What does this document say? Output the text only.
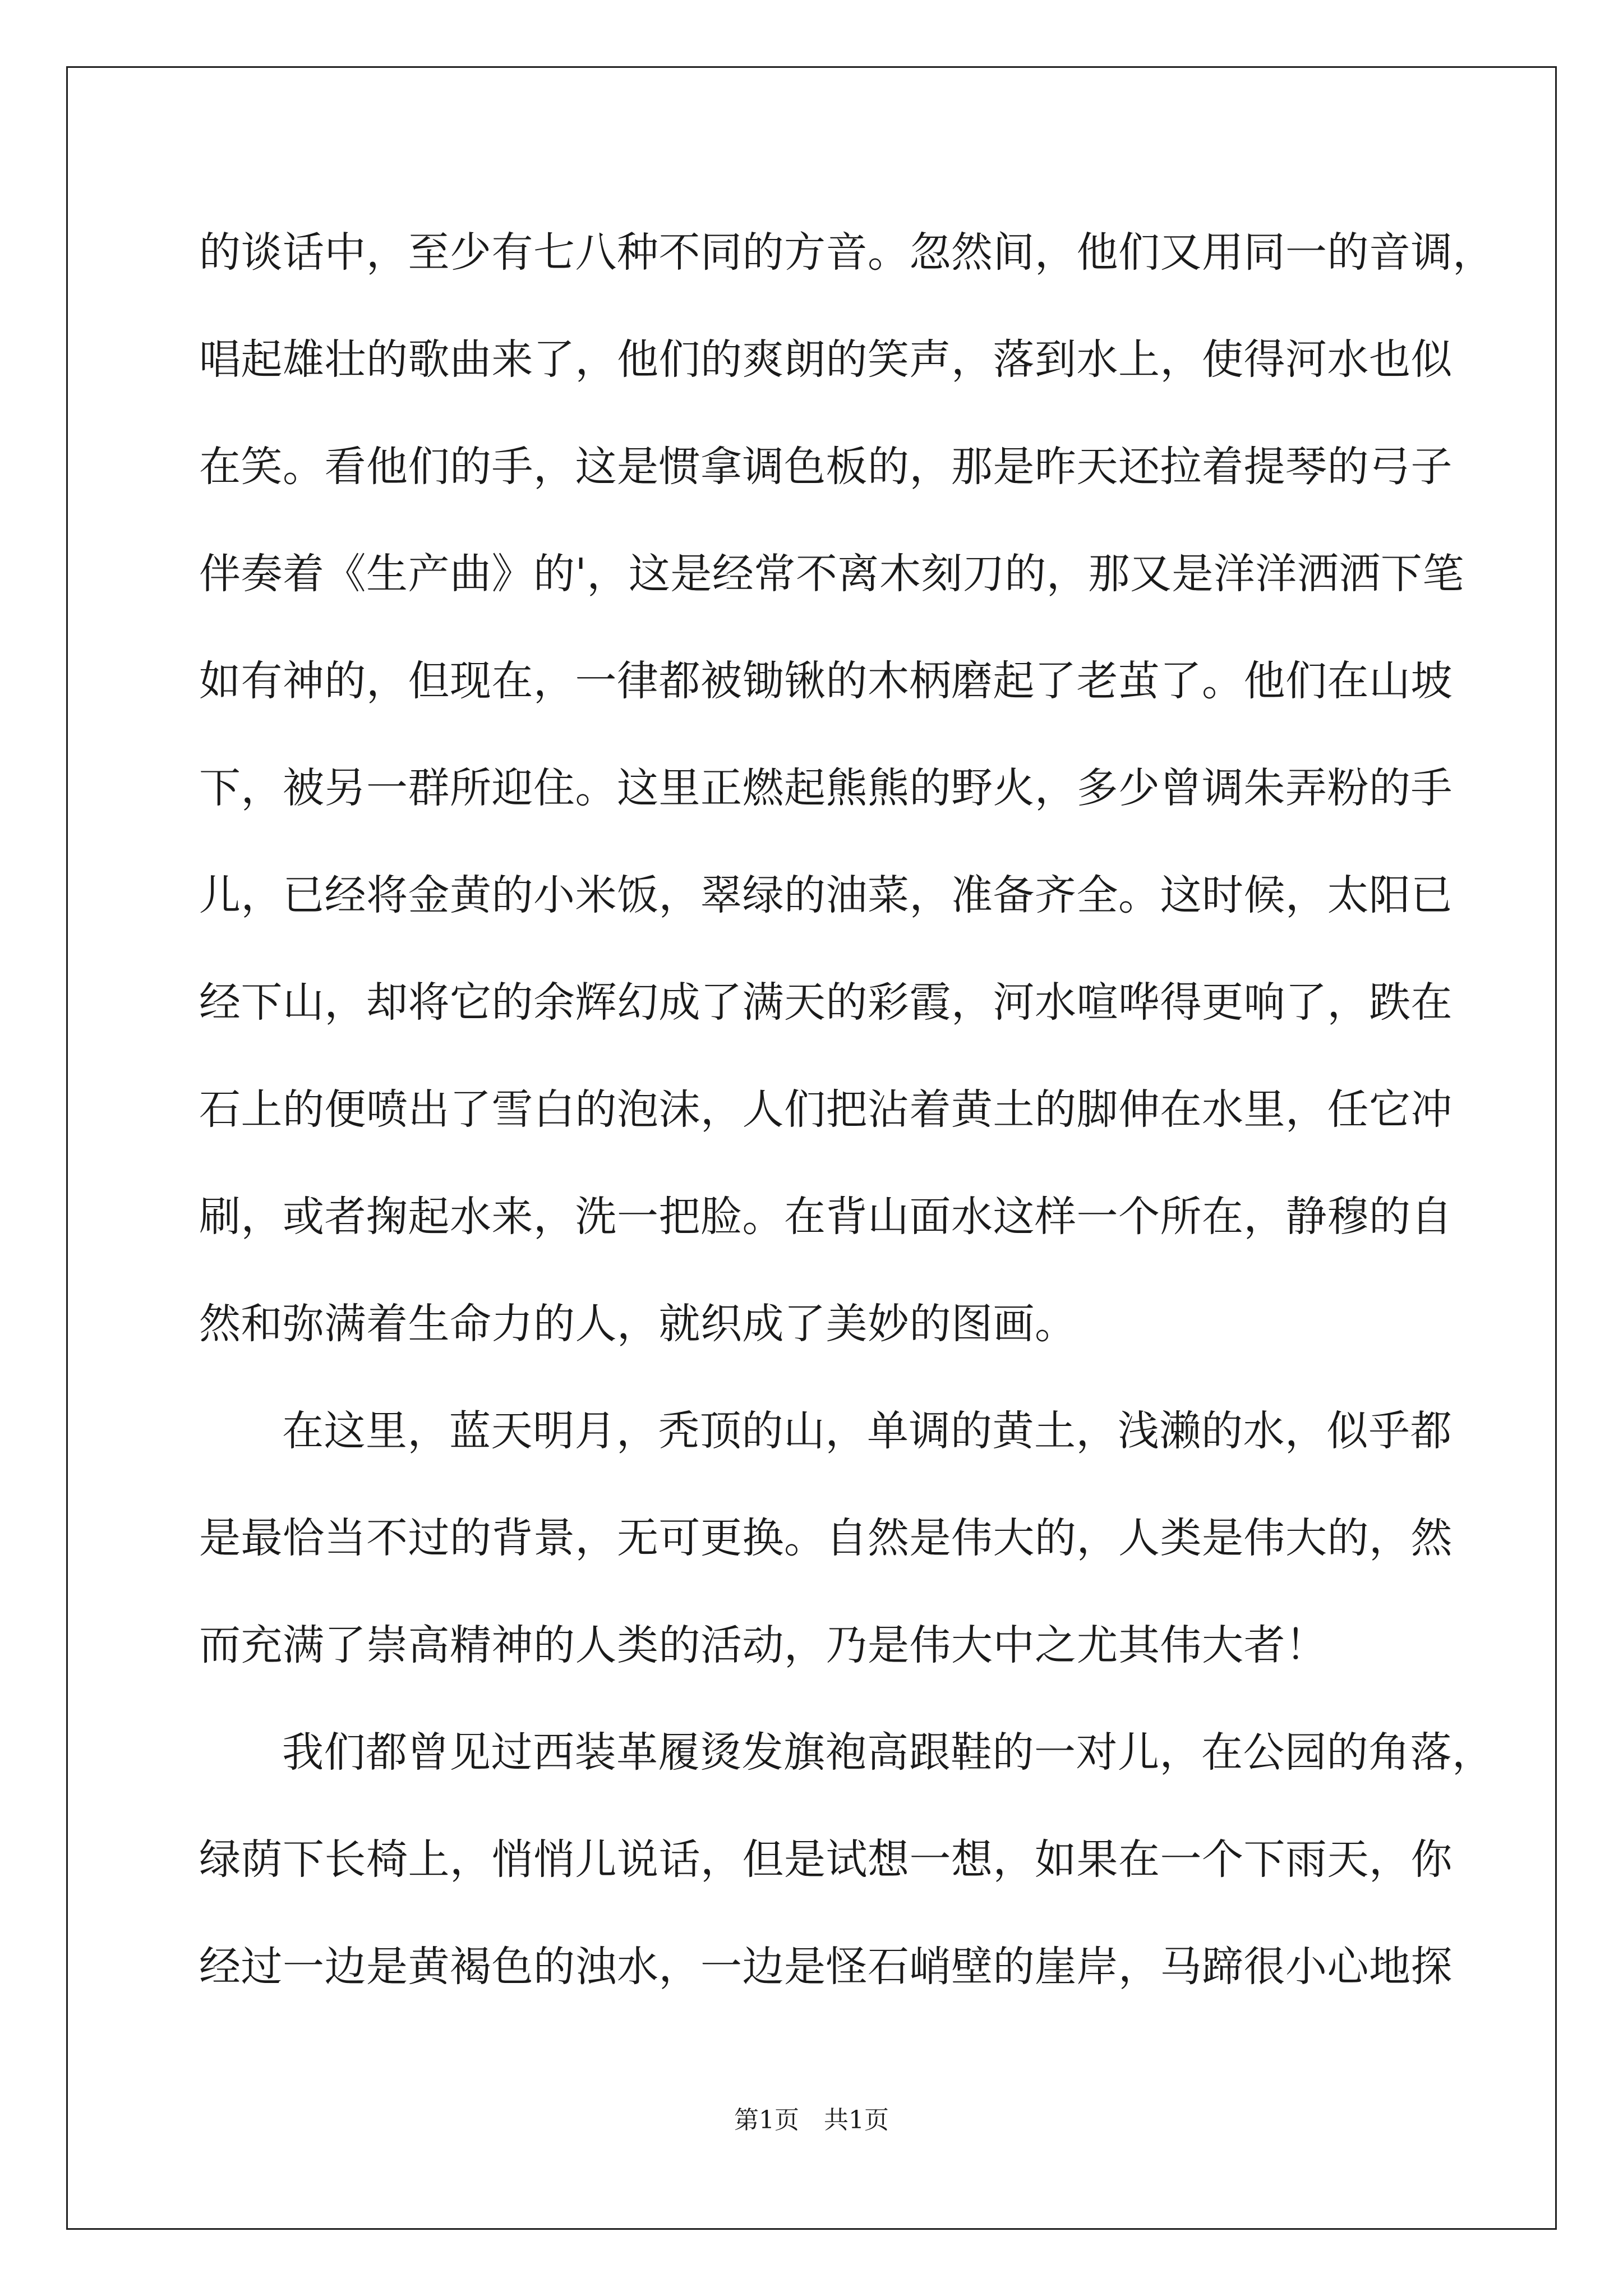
的谈话中，至少有七八种不同的方音。忽然间，他们又用同一的音调，
唱起雄壮的歌曲来了，他们的爽朗的笑声，落到水上，使得河水也似
在笑。看他们的手，这是惯拿调色板的，那是昨天还拉着提琴的弓子
伴奏着《生产曲》的'，这是经常不离木刻刀的，那又是洋洋洒洒下笔
如有神的，但现在，一律都被锄锹的木柄磨起了老茧了。他们在山坡
下，被另一群所迎住。这里正燃起熊熊的野火，多少曾调朱弄粉的手
儿，已经将金黄的小米饭，翠绿的油菜，准备齐全。这时候，太阳已
经下山，却将它的余辉幻成了满天的彩霞，河水喧哗得更响了，跌在
石上的便喷出了雪白的泡沫，人们把沾着黄土的脚伸在水里，任它冲
刷，或者掬起水来，洗一把脸。在背山面水这样一个所在，静穆的自
然和弥满着生命力的人，就织成了美妙的图画。
在这里，蓝天明月，秃顶的山，单调的黄土，浅濑的水，似乎都
是最恰当不过的背景，无可更换。自然是伟大的，人类是伟大的，然
而充满了崇高精神的人类的活动，乃是伟大中之尤其伟大者！
我们都曾见过西装革履烫发旗袍高跟鞋的一对儿，在公园的角落，
绿荫下长椅上，悄悄儿说话，但是试想一想，如果在一个下雨天，你
经过一边是黄褐色的浊水，一边是怪石峭壁的崖岸，马蹄很小心地探
第1页 共1页
